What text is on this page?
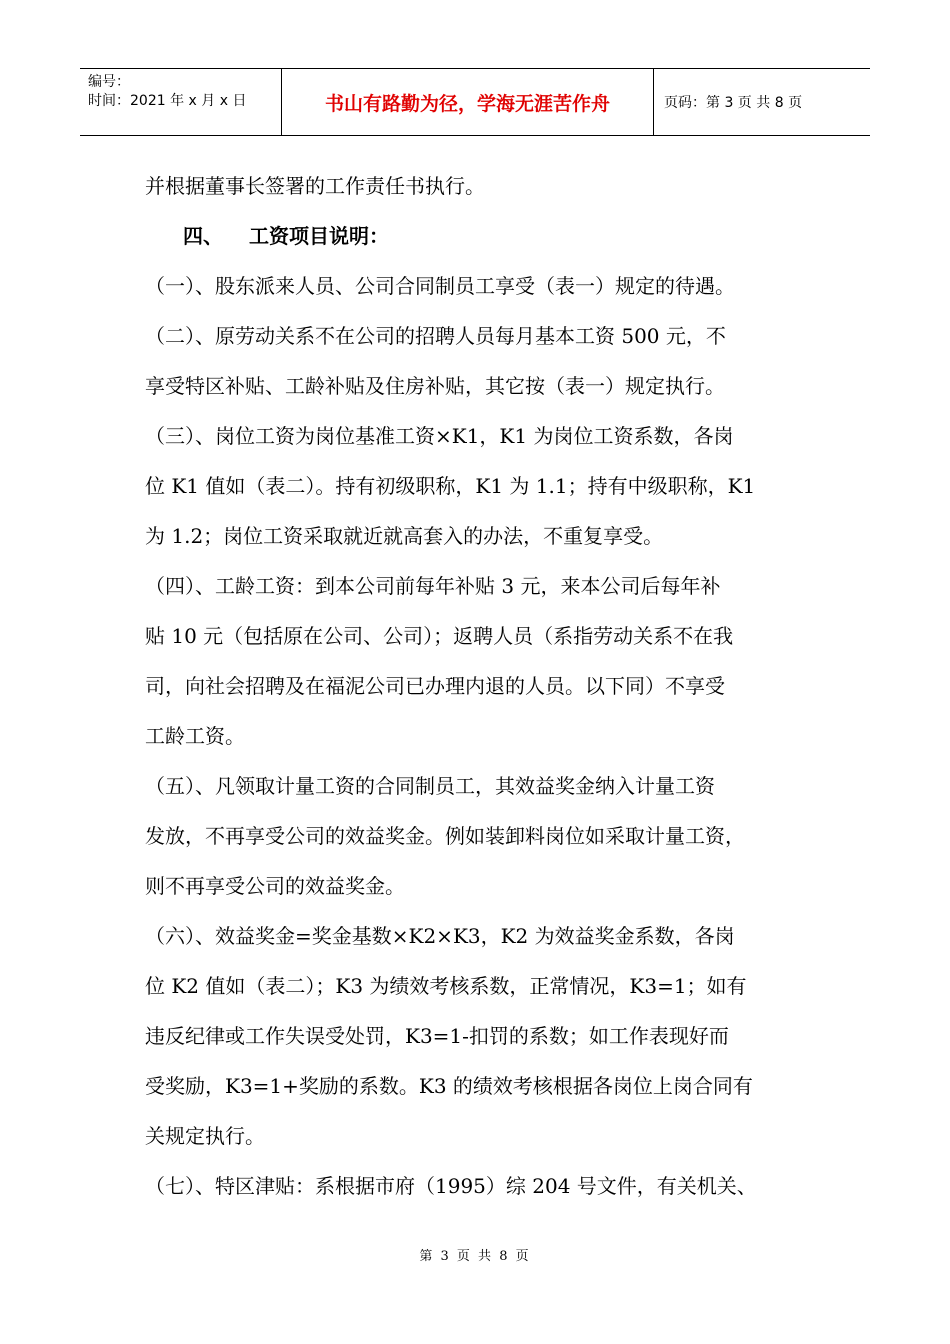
编号：
时间：2021 年 x 月 x 日	书山有路勤为径，学海无涯苦作舟	页码：第 3 页 共 8 页

并根据董事长签署的工作责任书执行。

四、 工资项目说明：

（一）、股东派来人员、公司合同制员工享受（表一）规定的待遇。

（二）、原劳动关系不在公司的招聘人员每月基本工资 500 元，不

享受特区补贴、工龄补贴及住房补贴，其它按（表一）规定执行。

（三）、岗位工资为岗位基准工资×K1，K1 为岗位工资系数，各岗

位 K1 值如（表二）。持有初级职称，K1 为 1.1；持有中级职称，K1

为 1.2；岗位工资采取就近就高套入的办法，不重复享受。

（四）、工龄工资：到本公司前每年补贴 3 元，来本公司后每年补

贴 10 元（包括原在公司、公司）；返聘人员（系指劳动关系不在我

司，向社会招聘及在福泥公司已办理内退的人员。以下同）不享受

工龄工资。

（五）、凡领取计量工资的合同制员工，其效益奖金纳入计量工资

发放，不再享受公司的效益奖金。例如装卸料岗位如采取计量工资，

则不再享受公司的效益奖金。

（六）、效益奖金=奖金基数×K2×K3，K2 为效益奖金系数，各岗

位 K2 值如（表二）；K3 为绩效考核系数，正常情况，K3=1；如有

违反纪律或工作失误受处罚，K3=1-扣罚的系数；如工作表现好而

受奖励，K3=1+奖励的系数。K3 的绩效考核根据各岗位上岗合同有

关规定执行。

（七）、特区津贴：系根据市府（1995）综 204 号文件，有关机关、

第 3 页 共 8 页
